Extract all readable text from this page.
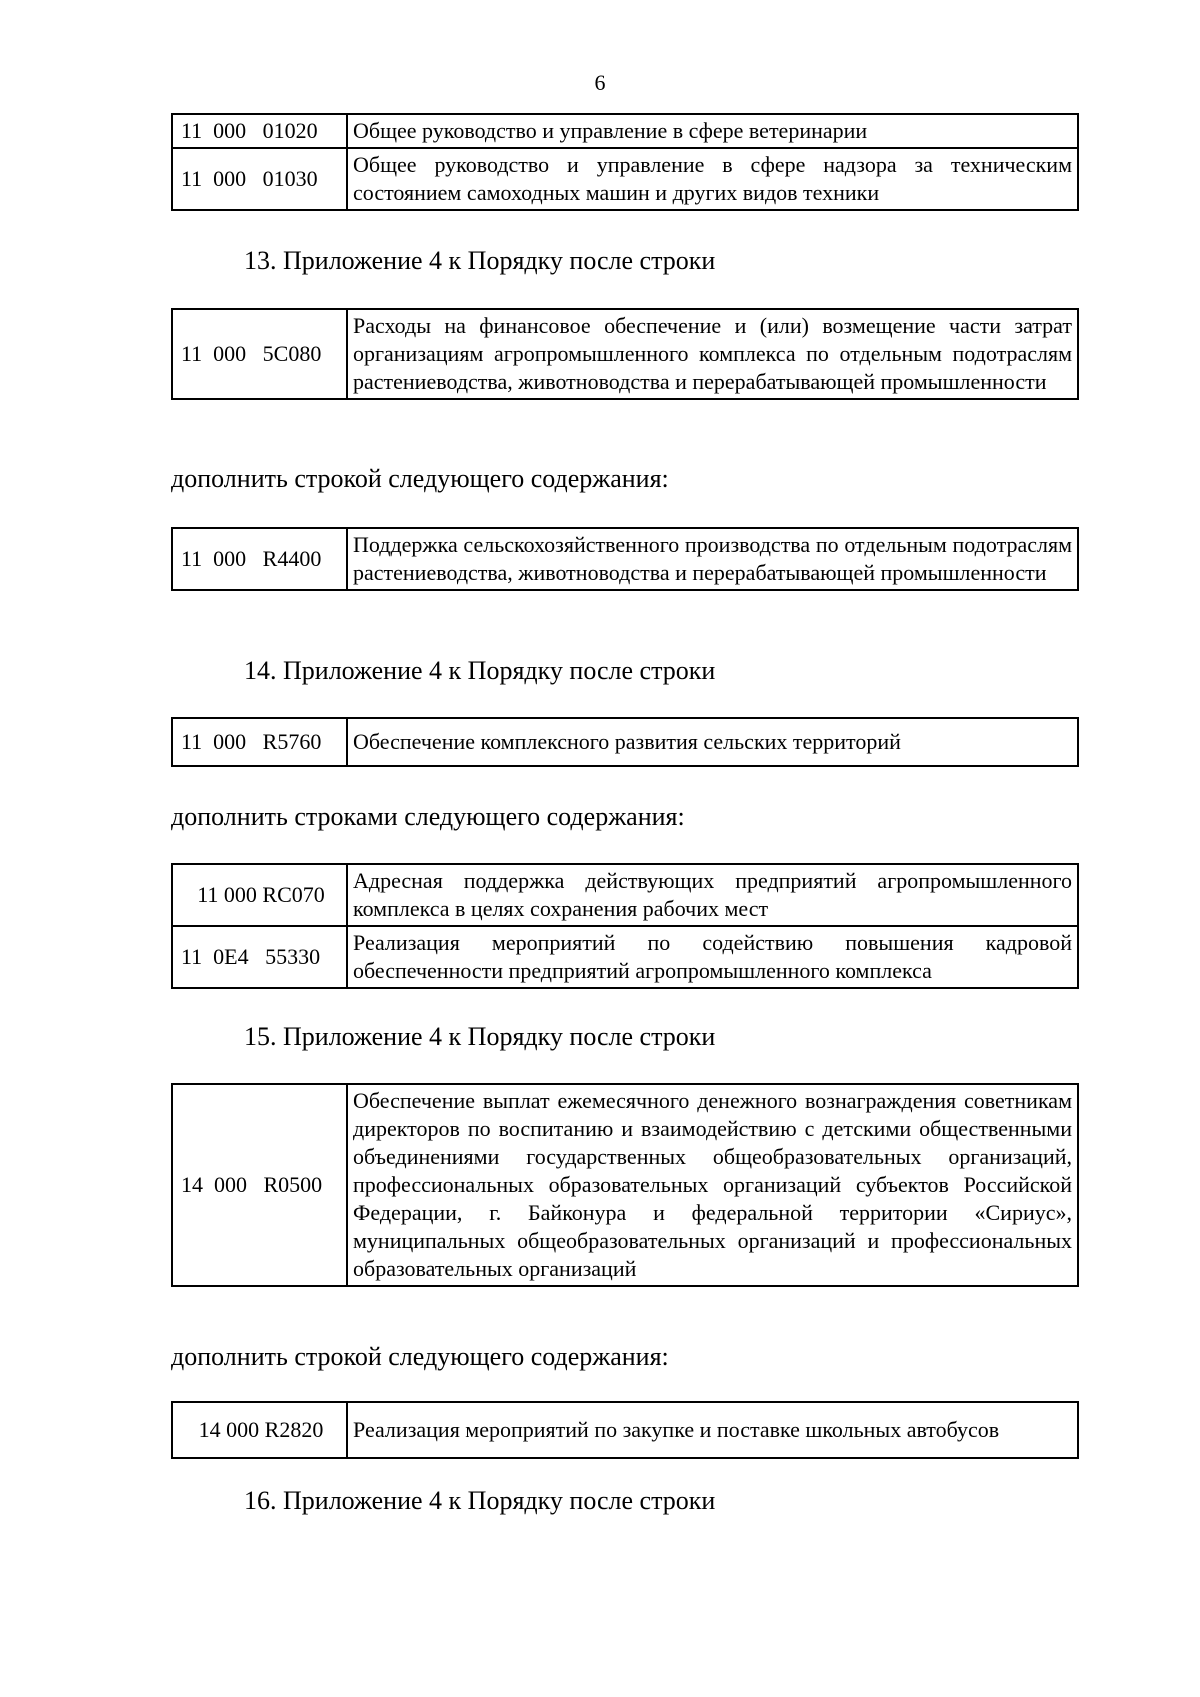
6
11  000   01020	Общее руководство и управление в сфере ветеринарии
11  000   01030	Общее руководство и управление в сфере надзора за техническим состоянием самоходных машин и других видов техники
13. Приложение 4 к Порядку после строки
11  000   5С080	Расходы на финансовое обеспечение и (или) возмещение части затрат организациям агропромышленного комплекса по отдельным подотраслям растениеводства, животноводства и перерабатывающей промышленности
дополнить строкой следующего содержания:
11  000   R4400	Поддержка сельскохозяйственного производства по отдельным подотраслям растениеводства, животноводства и перерабатывающей промышленности
14. Приложение 4 к Порядку после строки
11  000   R5760	Обеспечение комплексного развития сельских территорий
дополнить строками следующего содержания:
11 000 RС070	Адресная поддержка действующих предприятий агропромышленного комплекса в целях сохранения рабочих мест
11  0Е4   55330	Реализация мероприятий по содействию повышения кадровой обеспеченности предприятий агропромышленного комплекса
15. Приложение 4 к Порядку после строки
14  000   R0500	Обеспечение выплат ежемесячного денежного вознаграждения советникам директоров по воспитанию и взаимодействию с детскими общественными объединениями государственных общеобразовательных организаций, профессиональных образовательных организаций субъектов Российской Федерации, г. Байконура и федеральной территории «Сириус», муниципальных общеобразовательных организаций и профессиональных образовательных организаций
дополнить строкой следующего содержания:
14 000 R2820	Реализация мероприятий по закупке и поставке школьных автобусов
16. Приложение 4 к Порядку после строки
